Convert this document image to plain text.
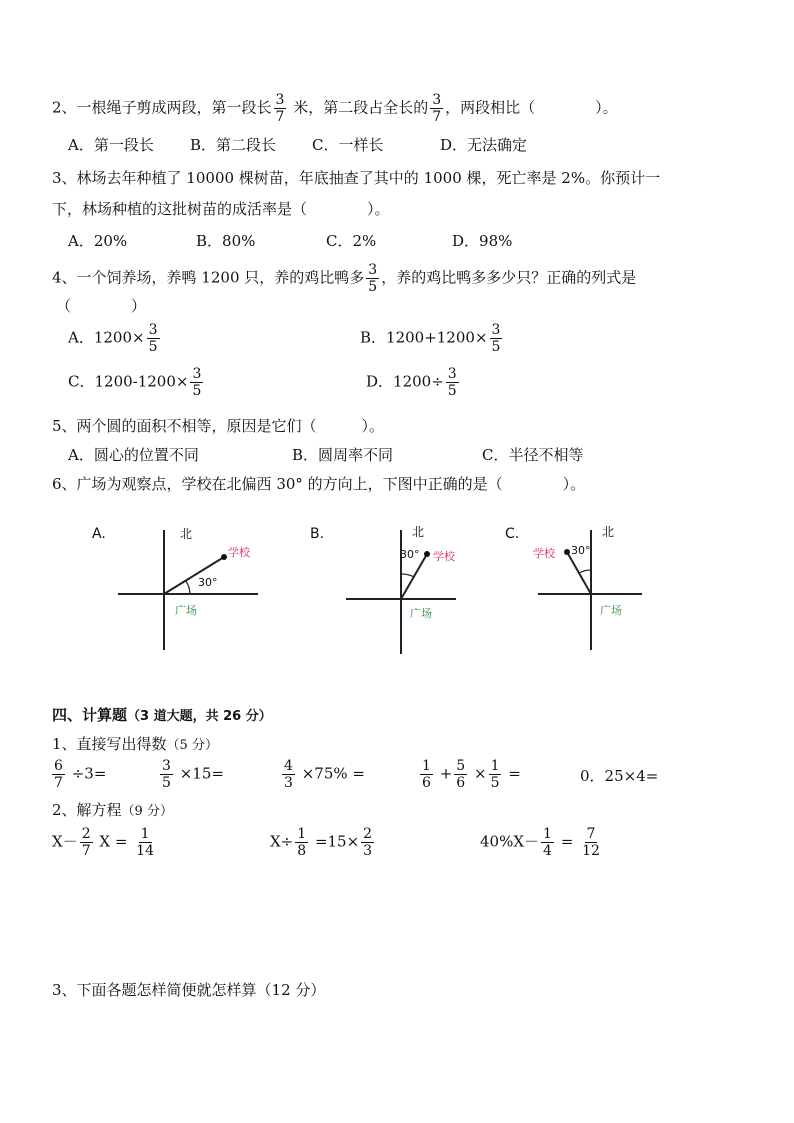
2、一根绳子剪成两段，第一段长 $\frac{3}{7}$ 米，第二段占全长的 $\frac{3}{7}$ ，两段相比（　　　　）。
A．第一段长 B．第二段长 C．一样长	D．无法确定
3、林场去年种植了 10000 棵树苗，年底抽查了其中的 1000 棵，死亡率是 2%。你预计一
下，林场种植的这批树苗的成活率是（　　　　）。
A．20%	B．80%	C．2%	D．98%
4、一个饲养场，养鸭 1200 只，养的鸡比鸭多 $\frac{3}{5}$ ，养的鸡比鸭多多少只？正确的列式是
（　　　　）
A．$1200\times \frac{3}{5}$	B．$1200+1200\times \frac{3}{5}$
C．$1200-1200\times \frac{3}{5}$	D．$1200\div \frac{3}{5}$
5、两个圆的面积不相等，原因是它们（　　　）。
A．圆心的位置不同	B．圆周率不同	C．半径不相等
6、广场为观察点，学校在北偏西 30° 的方向上，下图中正确的是（　　　　）。
A.	北
30°
学校
广场
B.	北
30° 学校
广场
C.	北
30°
学校
广场
四、计算题（3 道大题，共 26 分）
1、直接写出得数（5 分）
$\frac{6}{7} \div 3=$	$\frac{3}{5} \times 15=$	$\frac{4}{3} \times 75\%$ =	$\frac{1}{6} + \frac{5}{6} \times \frac{1}{5}$ =	0．25×4=
2、解方程（9 分）
$X- \frac{2}{7}$ $X = \frac{1}{14}$	$X\div \frac{1}{8} =15\times \frac{2}{3}$	$40\%X- \frac{1}{4} = \frac{7}{12}$
3、下面各题怎样简便就怎样算（12 分）
